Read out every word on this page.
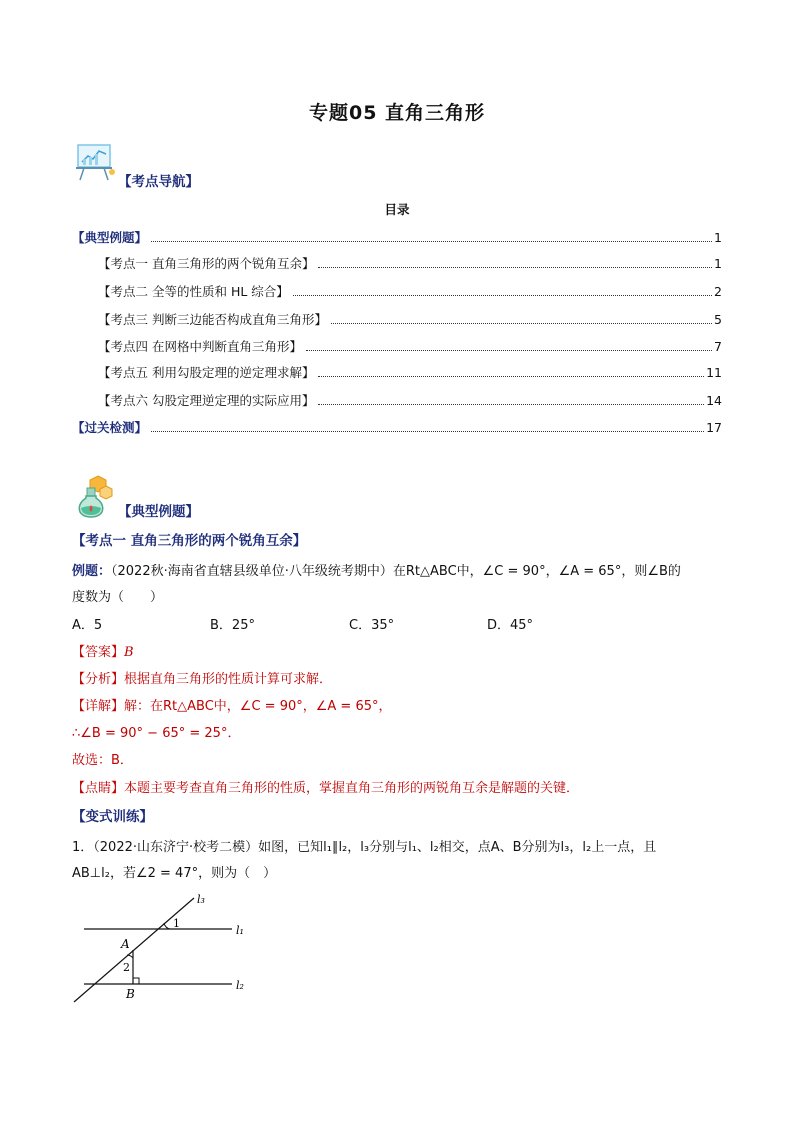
专题05 直角三角形
【考点导航】
目录
【典型例题】	1
【考点一 直角三角形的两个锐角互余】	1
【考点二 全等的性质和 HL 综合】	2
【考点三 判断三边能否构成直角三角形】	5
【考点四 在网格中判断直角三角形】	7
【考点五 利用勾股定理的逆定理求解】	11
【考点六 勾股定理逆定理的实际应用】	14
【过关检测】	17
【典型例题】
【考点一 直角三角形的两个锐角互余】
例题：（2022秋·海南省直辖县级单位·八年级统考期中）在Rt△ABC中，∠C = 90°，∠A = 65°，则∠B的
度数为（　　）
A．5	B．25°	C．35°	D．45°
【答案】B
【分析】根据直角三角形的性质计算可求解．
【详解】解：在Rt△ABC中，∠C = 90°，∠A = 65°，
∴∠B = 90° − 65° = 25°．
故选：B．
【点睛】本题主要考查直角三角形的性质，掌握直角三角形的两锐角互余是解题的关键．
【变式训练】
1．（2022·山东济宁·校考二模）如图，已知l₁∥l₂，l₃分别与l₁、l₂相交，点A、B分别为l₃，l₂上一点，且
AB⊥l₂，若∠2 = 47°，则为（　）
l₃
l₁
l₂
A
B
1
2
